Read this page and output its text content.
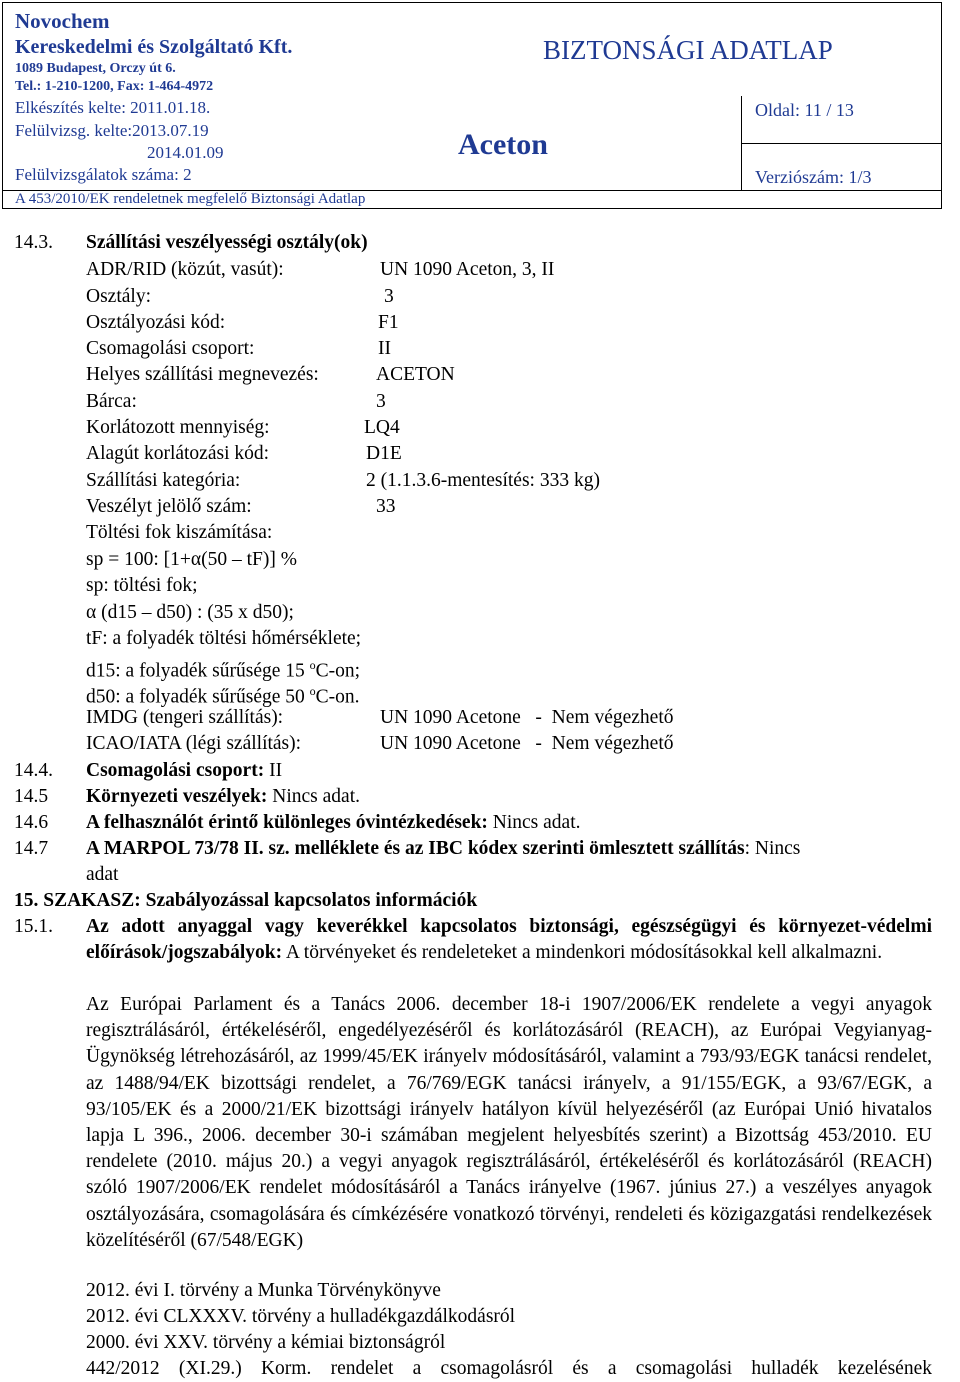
Novochem
Kereskedelmi és Szolgáltató Kft.
1089 Budapest, Orczy út 6.
Tel.: 1-210-1200, Fax: 1-464-4972
BIZTONSÁGI ADATLAP
Elkészítés kelte: 2011.01.18.
Felülvizsg. kelte:2013.07.19
2014.01.09
Felülvizsgálatok száma: 2
Aceton
Oldal: 11 / 13
Verziószám: 1/3
A 453/2010/EK rendeletnek megfelelő Biztonsági Adatlap
14.3. Szállítási veszélyességi osztály(ok)
ADR/RID (közút, vasút):	UN 1090 Aceton, 3, II
Osztály:	3
Osztályozási kód:	F1
Csomagolási csoport:	II
Helyes szállítási megnevezés:	ACETON
Bárca:	3
Korlátozott mennyiség:	LQ4
Alagút korlátozási kód:	D1E
Szállítási kategória:	2 (1.1.3.6-mentesítés: 333 kg)
Veszélyt jelölő szám:	33
Töltési fok kiszámítása:
sp = 100: [1+α(50 – tF)] %
sp: töltési fok;
α (d15 – d50) : (35 x d50);
tF: a folyadék töltési hőmérséklete;
d15: a folyadék sűrűsége 15 $^o$C-on;
d50: a folyadék sűrűsége 50 $^o$C-on.
IMDG (tengeri szállítás):	UN 1090 Acetone   -  Nem végezhető
ICAO/IATA (légi szállítás):	UN 1090 Acetone   -  Nem végezhető
14.4. Csomagolási csoport: II
14.5 Környezeti veszélyek: Nincs adat.
14.6 A felhasználót érintő különleges óvintézkedések: Nincs adat.
14.7 A MARPOL 73/78 II. sz. melléklete és az IBC kódex szerinti ömlesztett szállítás: Nincs
adat
15. SZAKASZ: Szabályozással kapcsolatos információk
15.1. Az adott anyaggal vagy keverékkel kapcsolatos biztonsági, egészségügyi és környezet-védelmi előírások/jogszabályok: A törvényeket és rendeleteket a mindenkori módosításokkal kell alkalmazni.

Az Európai Parlament és a Tanács 2006. december 18-i 1907/2006/EK rendelete a vegyi anyagok regisztrálásáról, értékeléséről, engedélyezéséről és korlátozásáról (REACH), az Európai Vegyianyag-Ügynökség létrehozásáról, az 1999/45/EK irányelv módosításáról, valamint a 793/93/EGK tanácsi rendelet, az 1488/94/EK bizottsági rendelet, a 76/769/EGK tanácsi irányelv, a 91/155/EGK, a 93/67/EGK, a 93/105/EK és a 2000/21/EK bizottsági irányelv hatályon kívül helyezéséről (az Európai Unió hivatalos lapja L 396., 2006. december 30-i számában megjelent helyesbítés szerint) a Bizottság 453/2010. EU rendelete (2010. május 20.) a vegyi anyagok regisztrálásáról, értékeléséről és korlátozásáról (REACH) szóló 1907/2006/EK rendelet módosításáról a Tanács irányelve (1967. június 27.) a veszélyes anyagok osztályozására, csomagolására és címkézésére vonatkozó törvényi, rendeleti és közigazgatási rendelkezések közelítéséről (67/548/EGK)
2012. évi I. törvény a Munka Törvénykönyve
2012. évi CLXXXV. törvény a hulladékgazdálkodásról
2000. évi XXV. törvény a kémiai biztonságról
442/2012 (XI.29.) Korm. rendelet a csomagolásról és a csomagolási hulladék kezelésének
